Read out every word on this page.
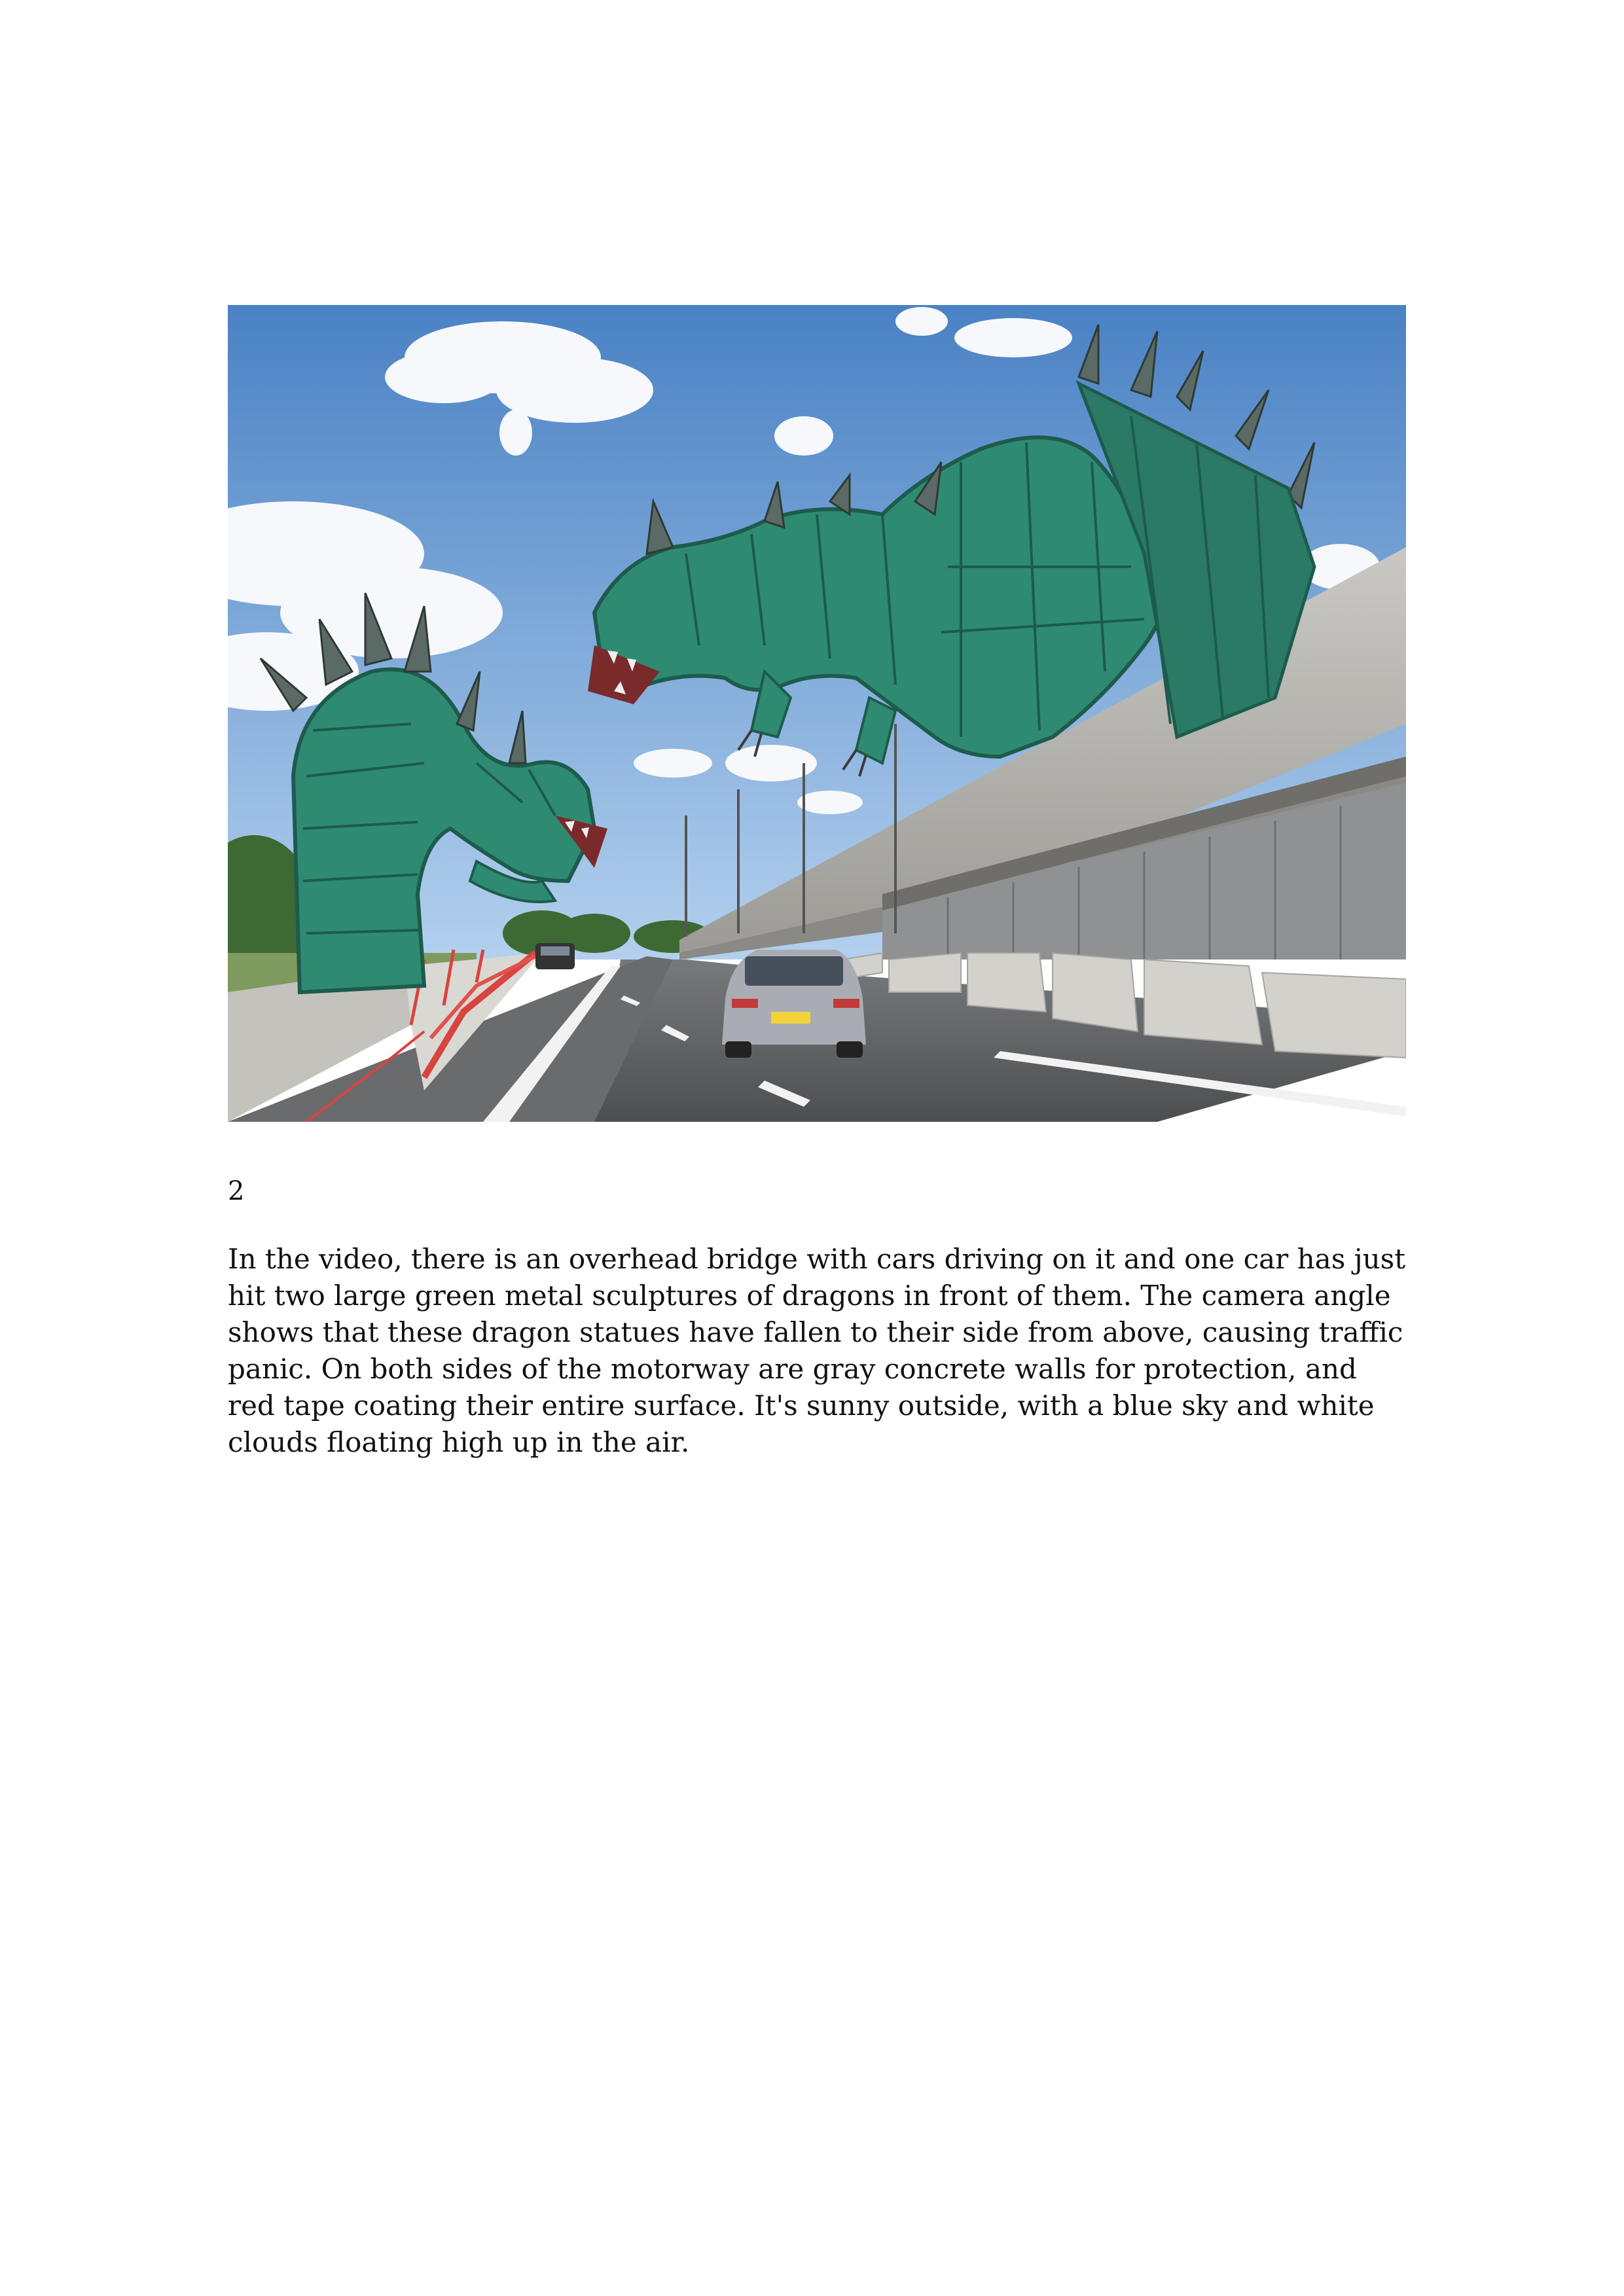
2

In the video, there is an overhead bridge with cars driving on it and one car has just hit two large green metal sculptures of dragons in front of them. The camera angle shows that these dragon statues have fallen to their side from above, causing traffic panic. On both sides of the motorway are gray concrete walls for protection, and red tape coating their entire surface. It's sunny outside, with a blue sky and white clouds floating high up in the air.
